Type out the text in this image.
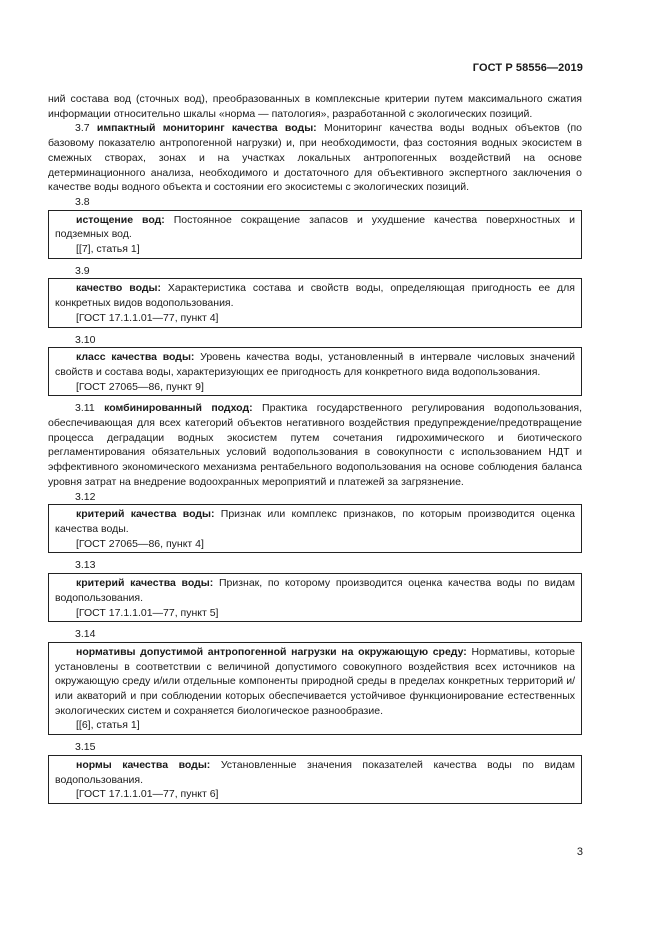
ГОСТ Р 58556—2019
ний состава вод (сточных вод), преобразованных в комплексные критерии путем максимального сжатия информации относительно шкалы «норма — патология», разработанной с экологических позиций.
3.7 импактный мониторинг качества воды: Мониторинг качества воды водных объектов (по базовому показателю антропогенной нагрузки) и, при необходимости, фаз состояния водных экосистем в смежных створах, зонах и на участках локальных антропогенных воздействий на основе детерминационного анализа, необходимого и достаточного для объективного экспертного заключения о качестве воды водного объекта и состоянии его экосистемы с экологических позиций.
3.8
истощение вод: Постоянное сокращение запасов и ухудшение качества поверхностных и подземных вод.
[[7], статья 1]
3.9
качество воды: Характеристика состава и свойств воды, определяющая пригодность ее для конкретных видов водопользования.
[ГОСТ 17.1.1.01—77, пункт 4]
3.10
класс качества воды: Уровень качества воды, установленный в интервале числовых значений свойств и состава воды, характеризующих ее пригодность для конкретного вида водопользования.
[ГОСТ 27065—86, пункт 9]
3.11 комбинированный подход: Практика государственного регулирования водопользования, обеспечивающая для всех категорий объектов негативного воздействия предупреждение/предотвращение процесса деградации водных экосистем путем сочетания гидрохимического и биотического регламентирования обязательных условий водопользования в совокупности с использованием НДТ и эффективного экономического механизма рентабельного водопользования на основе соблюдения баланса уровня затрат на внедрение водоохранных мероприятий и платежей за загрязнение.
3.12
критерий качества воды: Признак или комплекс признаков, по которым производится оценка качества воды.
[ГОСТ 27065—86, пункт 4]
3.13
критерий качества воды: Признак, по которому производится оценка качества воды по видам водопользования.
[ГОСТ 17.1.1.01—77, пункт 5]
3.14
нормативы допустимой антропогенной нагрузки на окружающую среду: Нормативы, которые установлены в соответствии с величиной допустимого совокупного воздействия всех источников на окружающую среду и/или отдельные компоненты природной среды в пределах конкретных территорий и/или акваторий и при соблюдении которых обеспечивается устойчивое функционирование естественных экологических систем и сохраняется биологическое разнообразие.
[[6], статья 1]
3.15
нормы качества воды: Установленные значения показателей качества воды по видам водопользования.
[ГОСТ 17.1.1.01—77, пункт 6]
3
